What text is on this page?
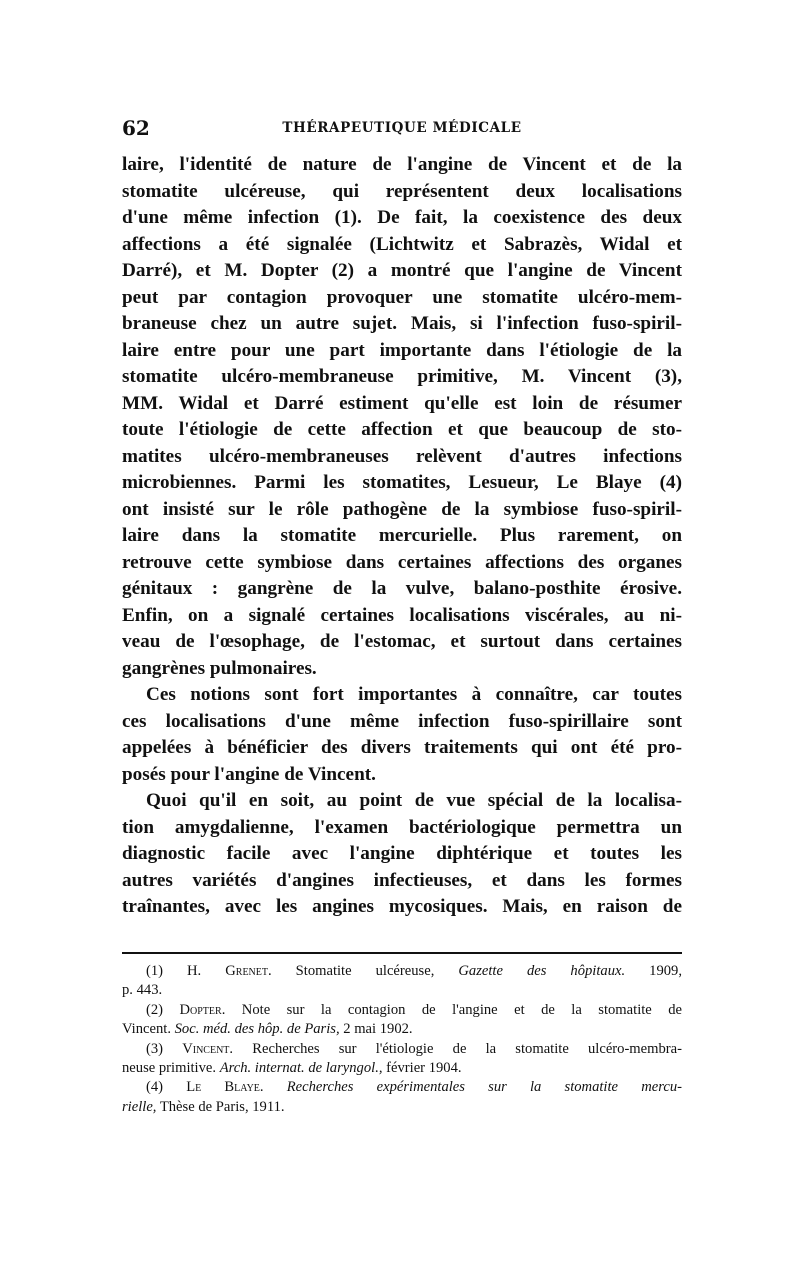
62	THÉRAPEUTIQUE MÉDICALE
laire, l'identité de nature de l'angine de Vincent et de la
stomatite ulcéreuse, qui représentent deux localisations
d'une même infection (1). De fait, la coexistence des deux
affections a été signalée (Lichtwitz et Sabrazès, Widal et
Darré), et M. Dopter (2) a montré que l'angine de Vincent
peut par contagion provoquer une stomatite ulcéro-mem-
braneuse chez un autre sujet. Mais, si l'infection fuso-spiril-
laire entre pour une part importante dans l'étiologie de la
stomatite ulcéro-membraneuse primitive, M. Vincent (3),
MM. Widal et Darré estiment qu'elle est loin de résumer
toute l'étiologie de cette affection et que beaucoup de sto-
matites ulcéro-membraneuses relèvent d'autres infections
microbiennes. Parmi les stomatites, Lesueur, Le Blaye (4)
ont insisté sur le rôle pathogène de la symbiose fuso-spiril-
laire dans la stomatite mercurielle. Plus rarement, on
retrouve cette symbiose dans certaines affections des organes
génitaux : gangrène de la vulve, balano-posthite érosive.
Enfin, on a signalé certaines localisations viscérales, au ni-
veau de l'œsophage, de l'estomac, et surtout dans certaines
gangrènes pulmonaires.
Ces notions sont fort importantes à connaître, car toutes
ces localisations d'une même infection fuso-spirillaire sont
appelées à bénéficier des divers traitements qui ont été pro-
posés pour l'angine de Vincent.
Quoi qu'il en soit, au point de vue spécial de la localisa-
tion amygdalienne, l'examen bactériologique permettra un
diagnostic facile avec l'angine diphtérique et toutes les
autres variétés d'angines infectieuses, et dans les formes
traînantes, avec les angines mycosiques. Mais, en raison de
(1) H. Grenet. Stomatite ulcéreuse, Gazette des hôpitaux. 1909,
p. 443.
(2) Dopter. Note sur la contagion de l'angine et de la stomatite de
Vincent. Soc. méd. des hôp. de Paris, 2 mai 1902.
(3) Vincent. Recherches sur l'étiologie de la stomatite ulcéro-membra-
neuse primitive. Arch. internat. de laryngol., février 1904.
(4) Le Blaye. Recherches expérimentales sur la stomatite mercu-
rielle, Thèse de Paris, 1911.
